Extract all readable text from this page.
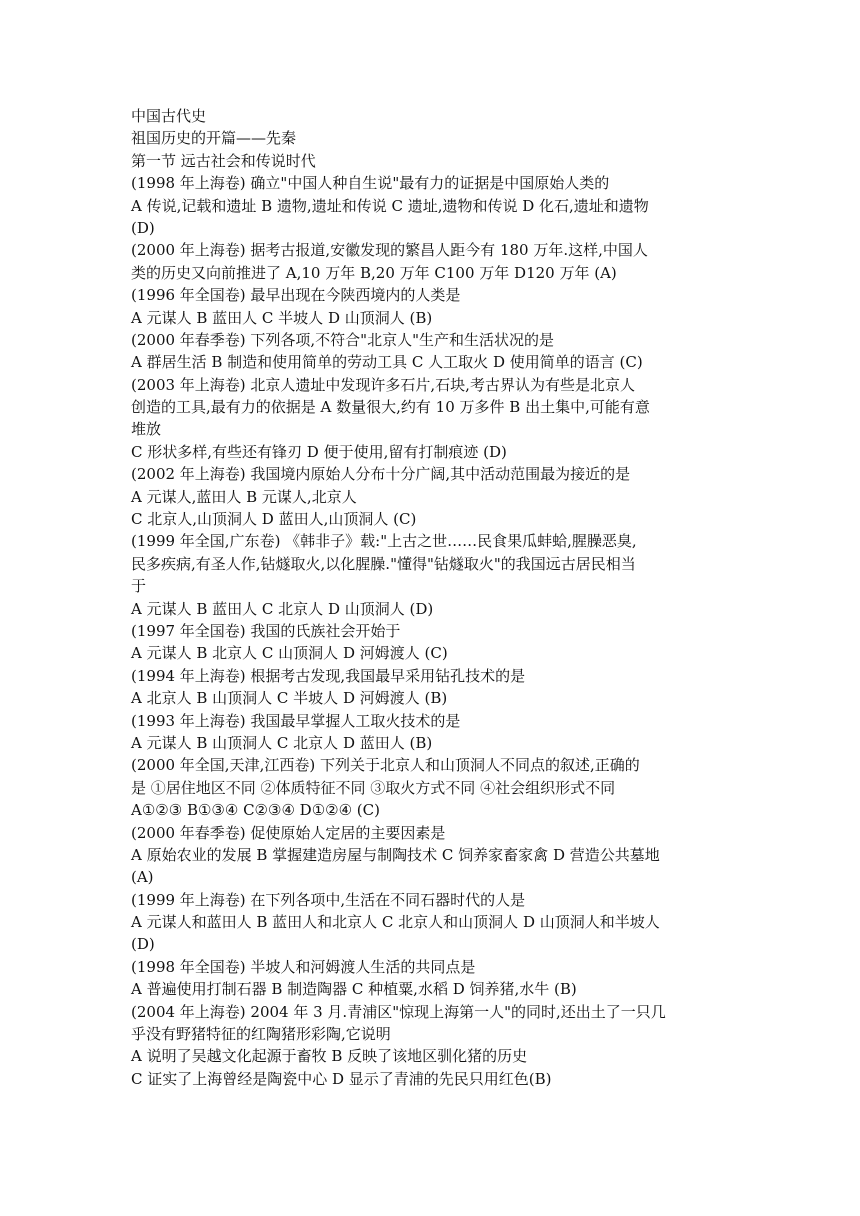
中国古代史
祖国历史的开篇——先秦
第一节 远古社会和传说时代
(1998 年上海卷) 确立"中国人种自生说"最有力的证据是中国原始人类的
A 传说,记载和遗址 B 遗物,遗址和传说 C 遗址,遗物和传说 D 化石,遗址和遗物
(D)
(2000 年上海卷) 据考古报道,安徽发现的繁昌人距今有 180 万年.这样,中国人
类的历史又向前推进了 A,10 万年 B,20 万年 C100 万年 D120 万年 (A)
(1996 年全国卷) 最早出现在今陕西境内的人类是
A 元谋人 B 蓝田人 C 半坡人 D 山顶洞人 (B)
(2000 年春季卷) 下列各项,不符合"北京人"生产和生活状况的是
A 群居生活 B 制造和使用简单的劳动工具 C 人工取火 D 使用简单的语言 (C)
(2003 年上海卷) 北京人遗址中发现许多石片,石块,考古界认为有些是北京人
创造的工具,最有力的依据是 A 数量很大,约有 10 万多件 B 出土集中,可能有意
堆放
C 形状多样,有些还有锋刃 D 便于使用,留有打制痕迹 (D)
(2002 年上海卷) 我国境内原始人分布十分广阔,其中活动范围最为接近的是
A 元谋人,蓝田人 B 元谋人,北京人
C 北京人,山顶洞人 D 蓝田人,山顶洞人 (C)
(1999 年全国,广东卷) 《韩非子》载:"上古之世……民食果瓜蚌蛤,腥臊恶臭,
民多疾病,有圣人作,钻燧取火,以化腥臊."懂得"钻燧取火"的我国远古居民相当
于
A 元谋人 B 蓝田人 C 北京人 D 山顶洞人 (D)
(1997 年全国卷) 我国的氏族社会开始于
A 元谋人 B 北京人 C 山顶洞人 D 河姆渡人 (C)
(1994 年上海卷) 根据考古发现,我国最早采用钻孔技术的是
A 北京人 B 山顶洞人 C 半坡人 D 河姆渡人 (B)
(1993 年上海卷) 我国最早掌握人工取火技术的是
A 元谋人 B 山顶洞人 C 北京人 D 蓝田人 (B)
(2000 年全国,天津,江西卷) 下列关于北京人和山顶洞人不同点的叙述,正确的
是 ①居住地区不同 ②体质特征不同 ③取火方式不同 ④社会组织形式不同
A①②③ B①③④ C②③④ D①②④ (C)
(2000 年春季卷) 促使原始人定居的主要因素是
A 原始农业的发展 B 掌握建造房屋与制陶技术 C 饲养家畜家禽 D 营造公共墓地
(A)
(1999 年上海卷) 在下列各项中,生活在不同石器时代的人是
A 元谋人和蓝田人 B 蓝田人和北京人 C 北京人和山顶洞人 D 山顶洞人和半坡人
(D)
(1998 年全国卷) 半坡人和河姆渡人生活的共同点是
A 普遍使用打制石器 B 制造陶器 C 种植粟,水稻 D 饲养猪,水牛 (B)
(2004 年上海卷) 2004 年 3 月.青浦区"惊现上海第一人"的同时,还出土了一只几
乎没有野猪特征的红陶猪形彩陶,它说明
A 说明了吴越文化起源于畜牧 B 反映了该地区驯化猪的历史
C 证实了上海曾经是陶瓷中心 D 显示了青浦的先民只用红色(B)
